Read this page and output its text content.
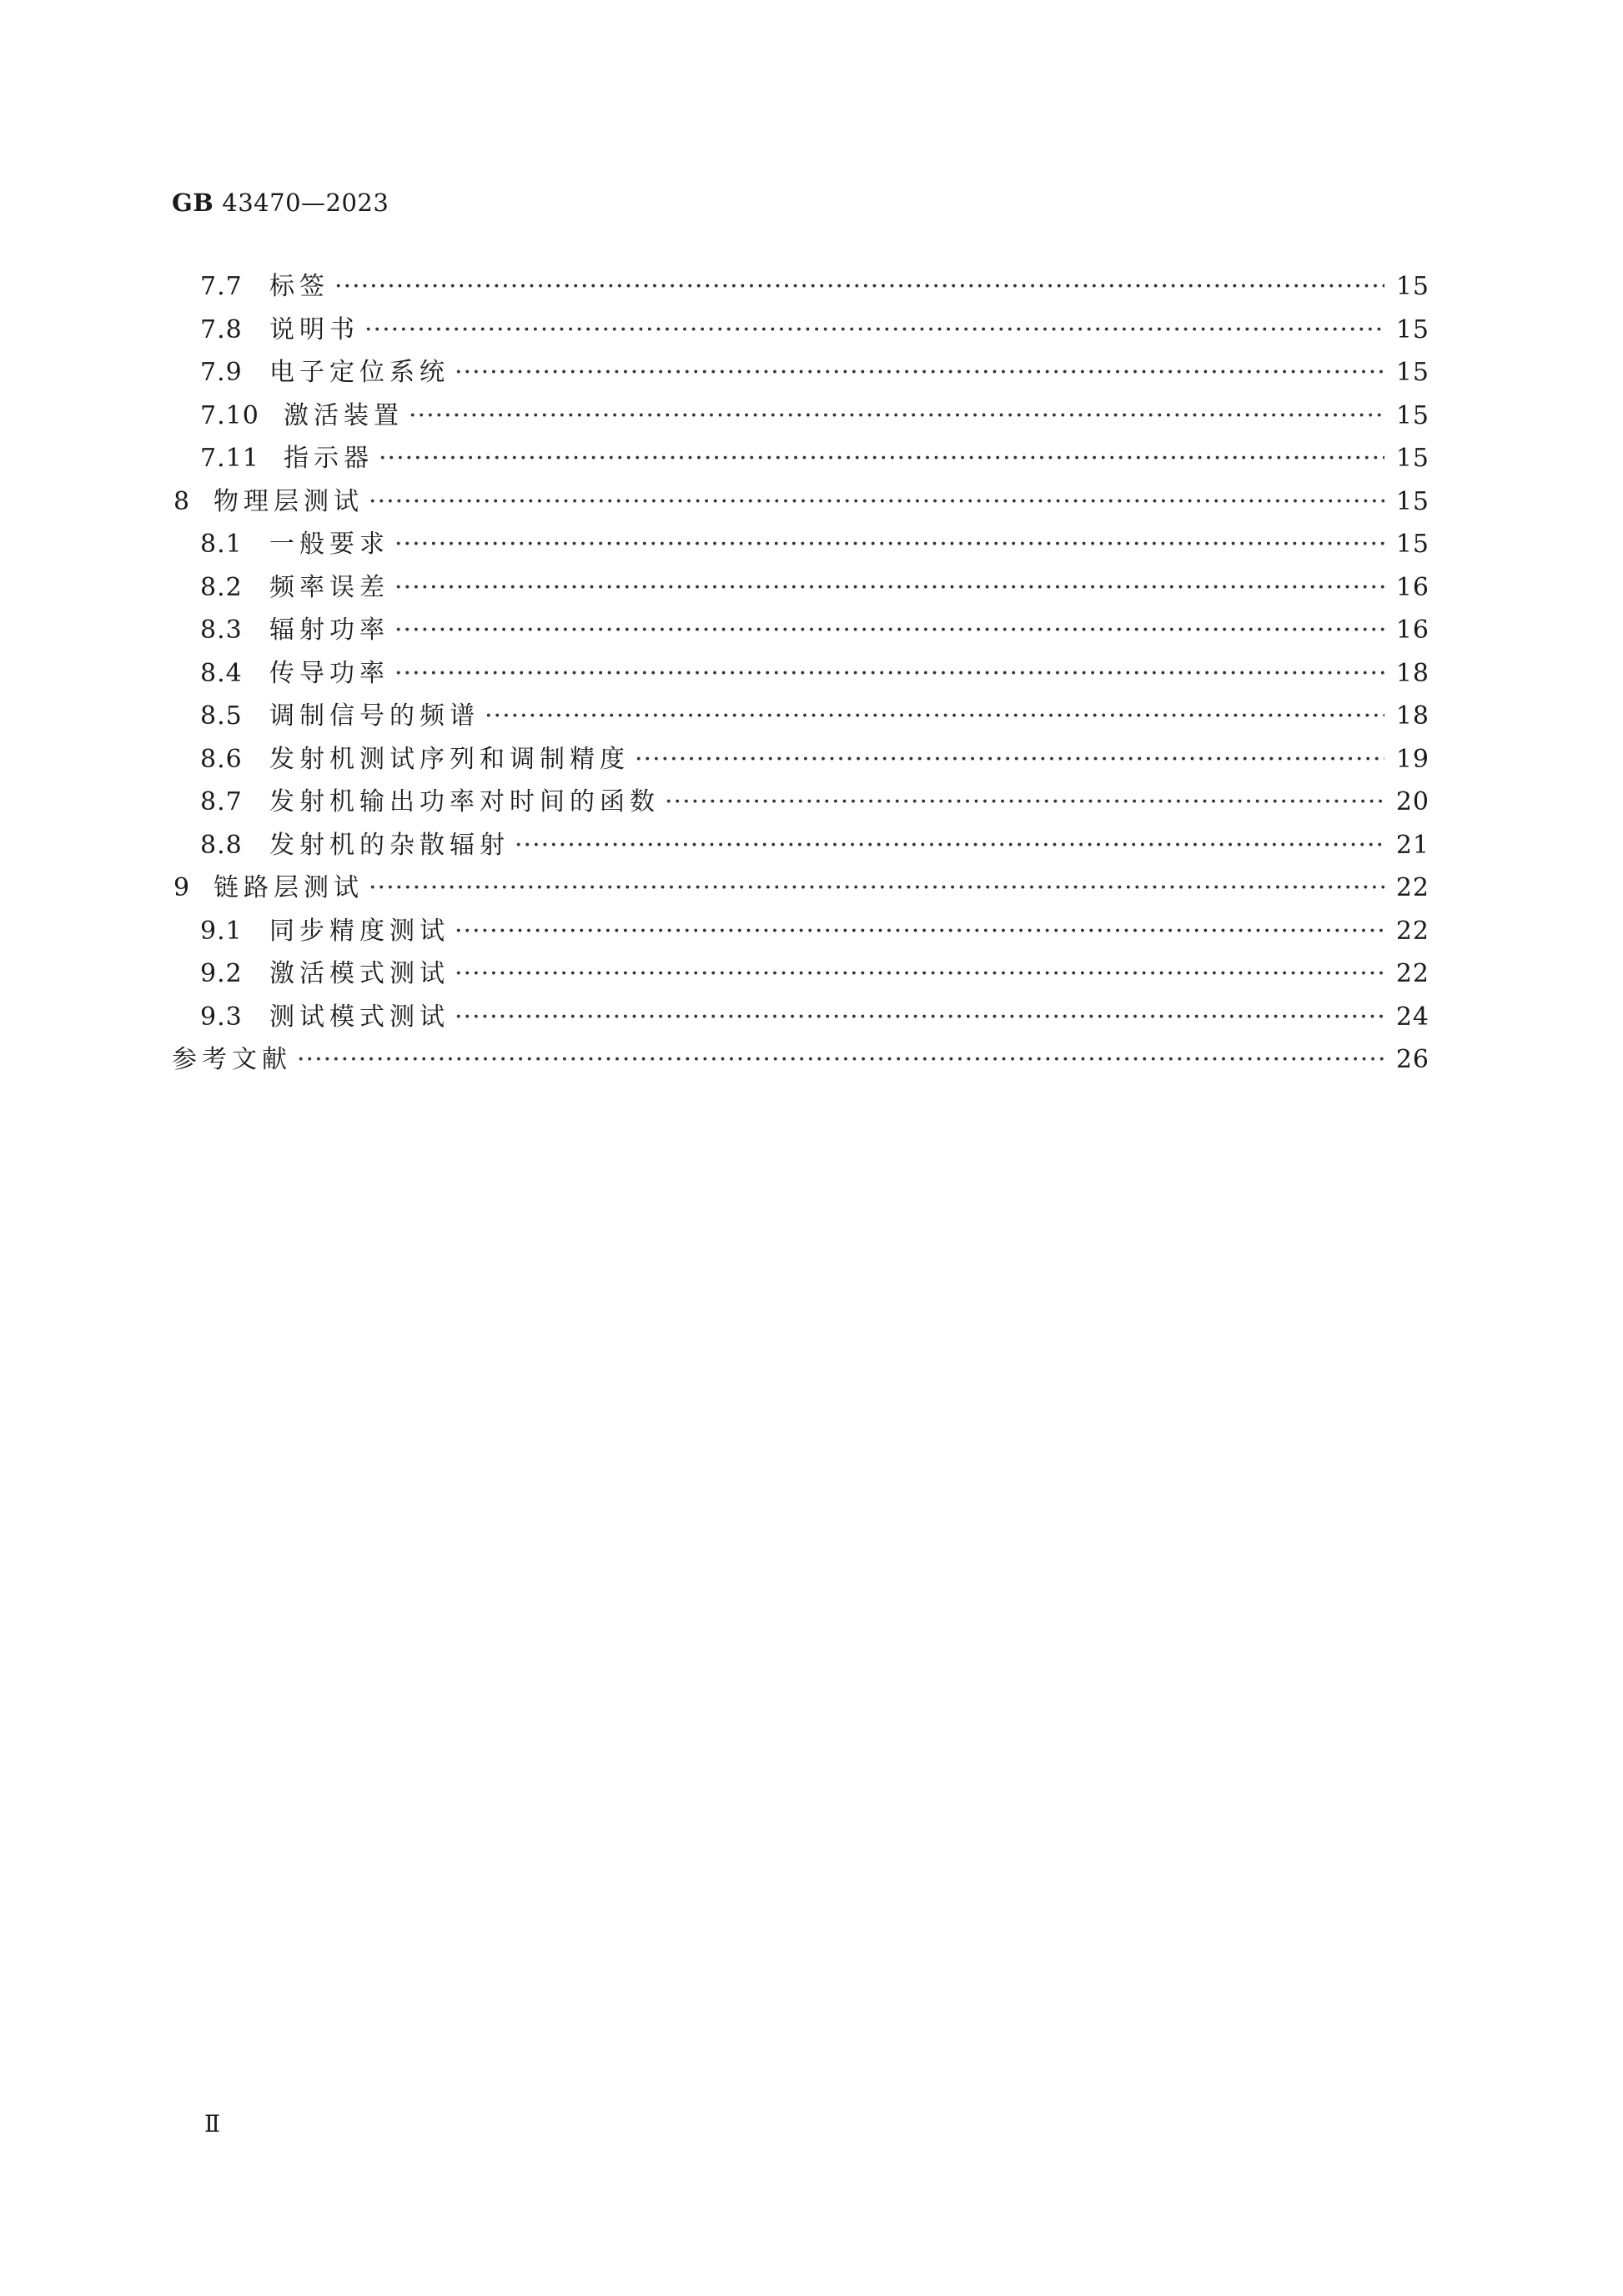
GB 43470—2023
7.7 标签 ·····	15
7.8 说明书 ·····	15
7.9 电子定位系统 ·····	15
7.10 激活装置 ·····	15
7.11 指示器 ·····	15
8 物理层测试 ·····	15
8.1 一般要求 ·····	15
8.2 频率误差 ·····	16
8.3 辐射功率 ·····	16
8.4 传导功率 ·····	18
8.5 调制信号的频谱 ·····	18
8.6 发射机测试序列和调制精度 ·····	19
8.7 发射机输出功率对时间的函数 ·····	20
8.8 发射机的杂散辐射 ·····	21
9 链路层测试 ·····	22
9.1 同步精度测试 ·····	22
9.2 激活模式测试 ·····	22
9.3 测试模式测试 ·····	24
参考文献 ·····	26
Ⅱ
